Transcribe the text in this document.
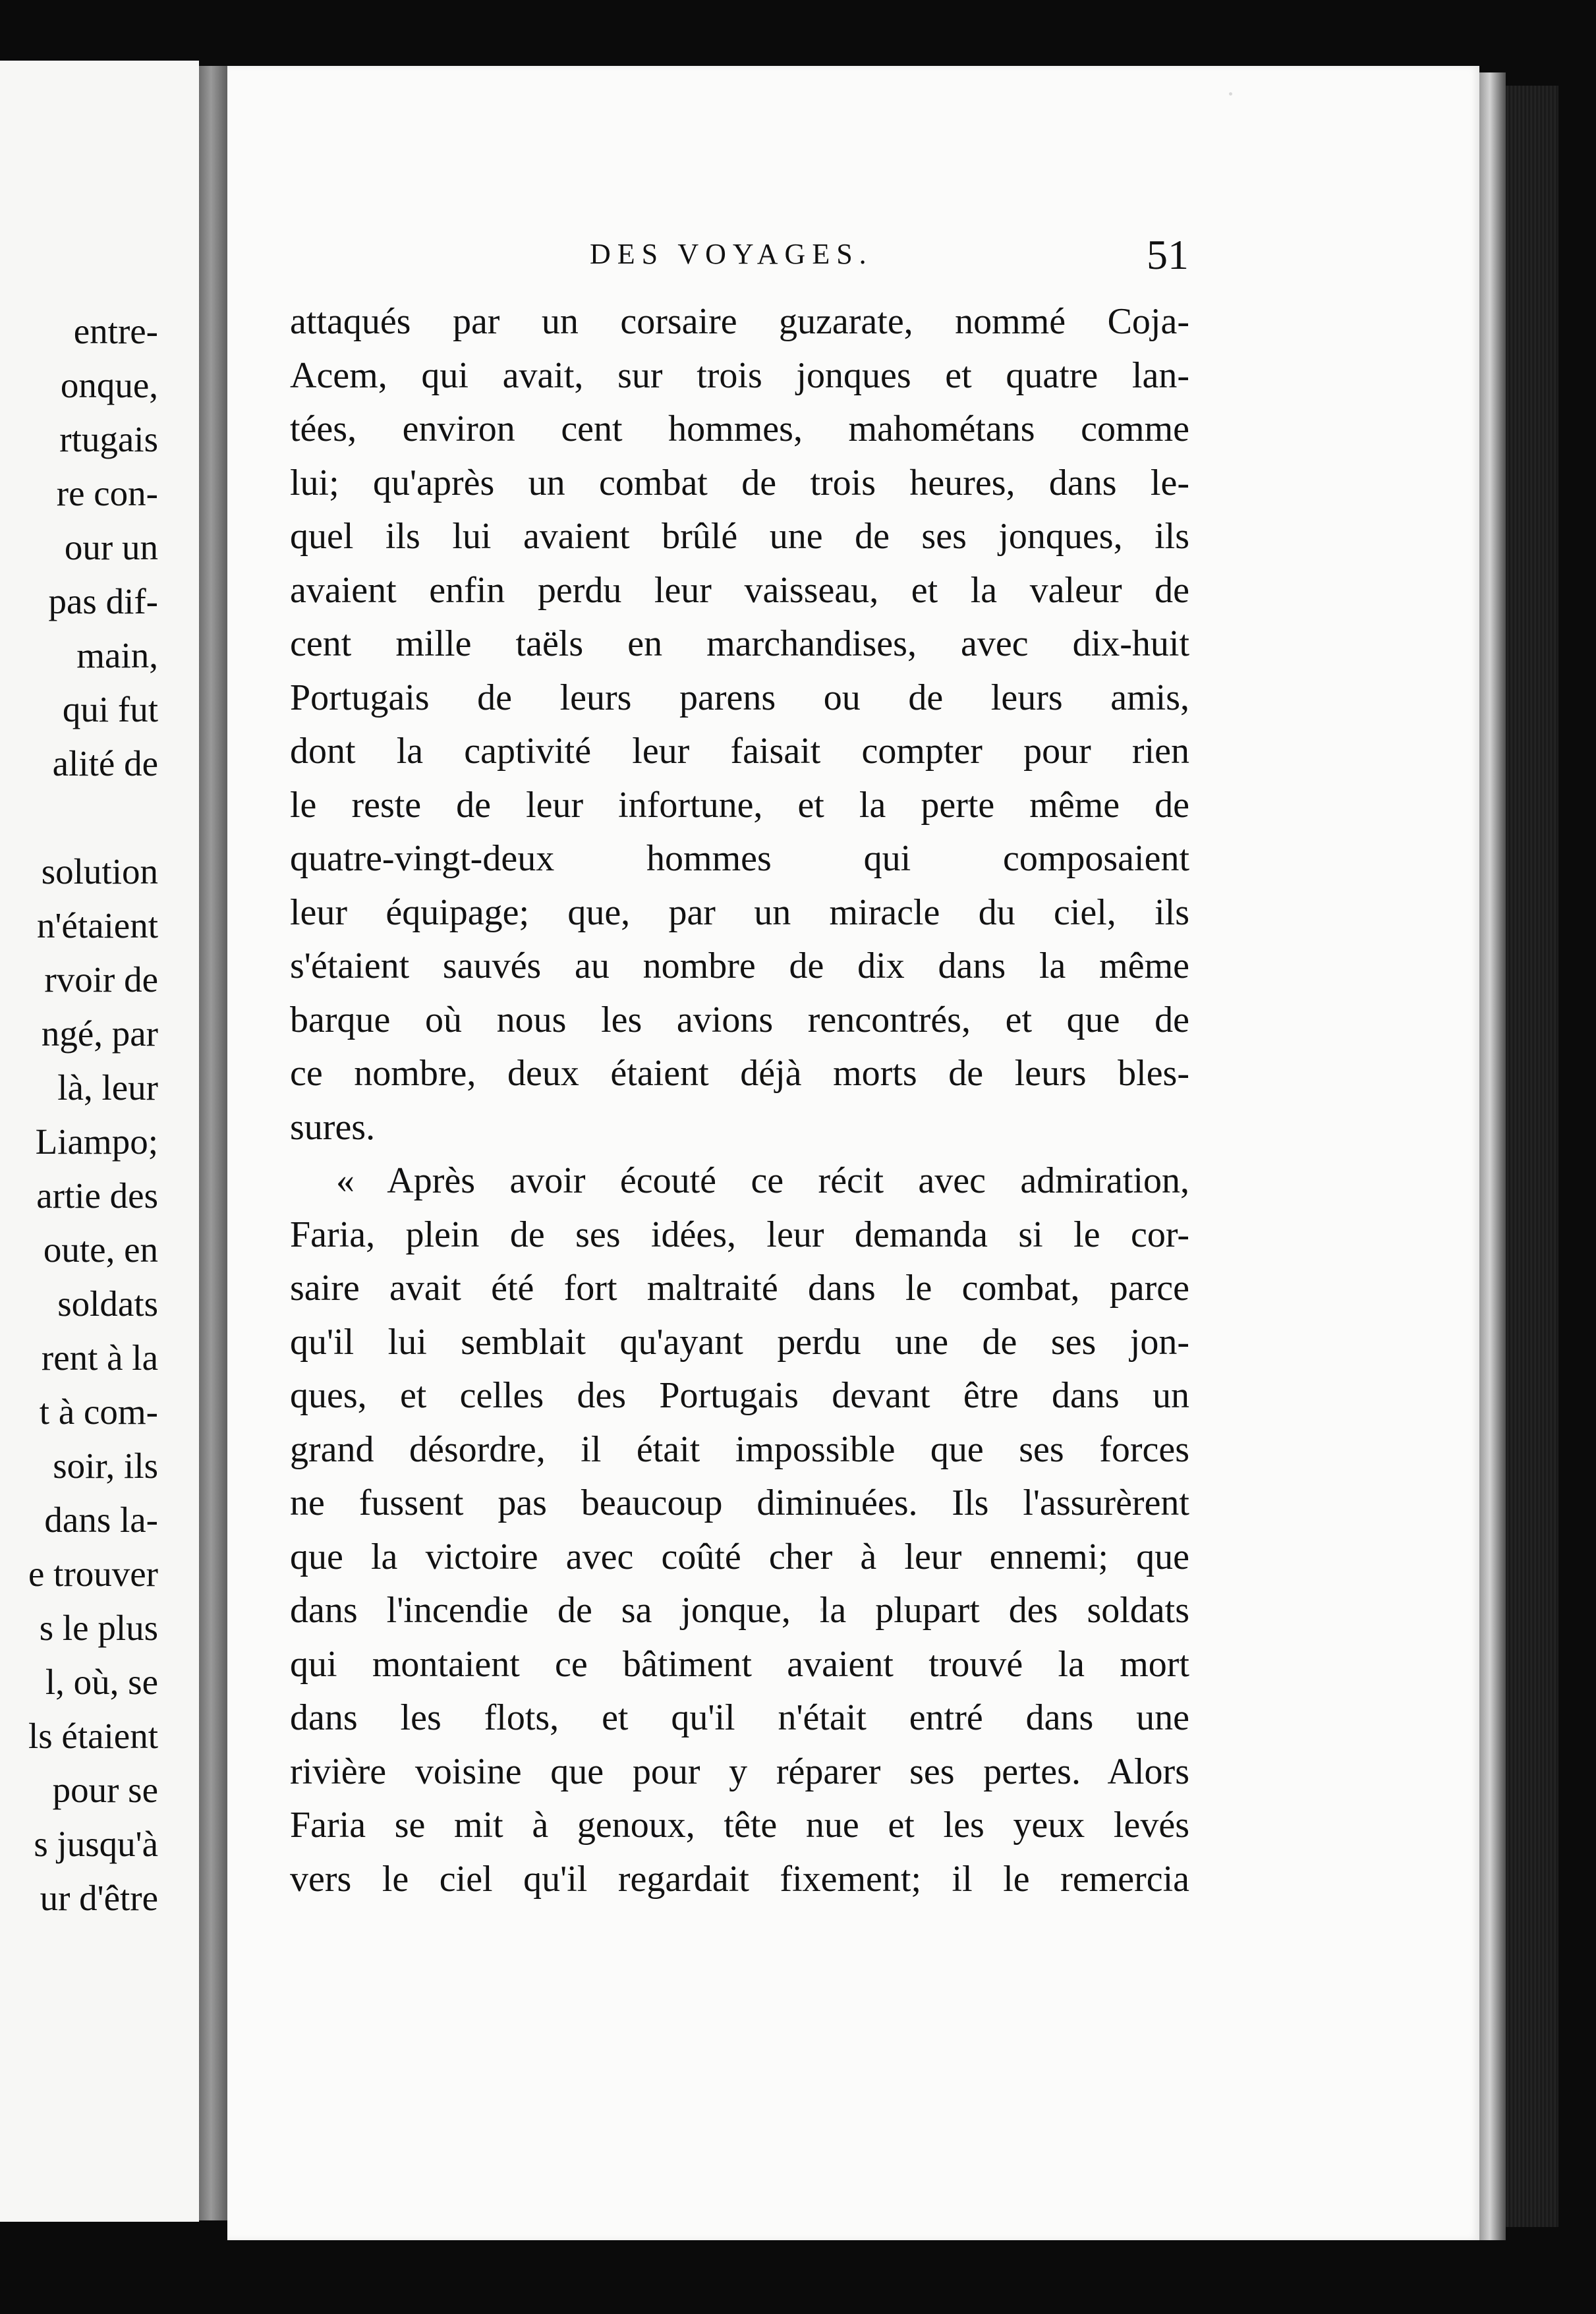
entre-
onque,
rtugais
re con-
our un
pas dif-
main,
qui fut
alité de
solution
n'étaient
rvoir de
ngé, par
là, leur
Liampo;
artie des
oute, en
soldats
rent à la
t à com-
soir, ils
dans la-
e trouver
s le plus
l, où, se
ls étaient
pour se
s jusqu'à
ur d'être
DES VOYAGES.	51
attaqués par un corsaire guzarate, nommé Coja-
Acem, qui avait, sur trois jonques et quatre lan-
tées, environ cent hommes, mahométans comme
lui; qu'après un combat de trois heures, dans le-
quel ils lui avaient brûlé une de ses jonques, ils
avaient enfin perdu leur vaisseau, et la valeur de
cent mille taëls en marchandises, avec dix-huit
Portugais de leurs parens ou de leurs amis,
dont la captivité leur faisait compter pour rien
le reste de leur infortune, et la perte même de
quatre-vingt-deux hommes qui composaient
leur équipage; que, par un miracle du ciel, ils
s'étaient sauvés au nombre de dix dans la même
barque où nous les avions rencontrés, et que de
ce nombre, deux étaient déjà morts de leurs bles-
sures.
« Après avoir écouté ce récit avec admiration,
Faria, plein de ses idées, leur demanda si le cor-
saire avait été fort maltraité dans le combat, parce
qu'il lui semblait qu'ayant perdu une de ses jon-
ques, et celles des Portugais devant être dans un
grand désordre, il était impossible que ses forces
ne fussent pas beaucoup diminuées. Ils l'assurèrent
que la victoire avec coûté cher à leur ennemi; que
dans l'incendie de sa jonque, la plupart des soldats
qui montaient ce bâtiment avaient trouvé la mort
dans les flots, et qu'il n'était entré dans une
rivière voisine que pour y réparer ses pertes. Alors
Faria se mit à genoux, tête nue et les yeux levés
vers le ciel qu'il regardait fixement; il le remercia
